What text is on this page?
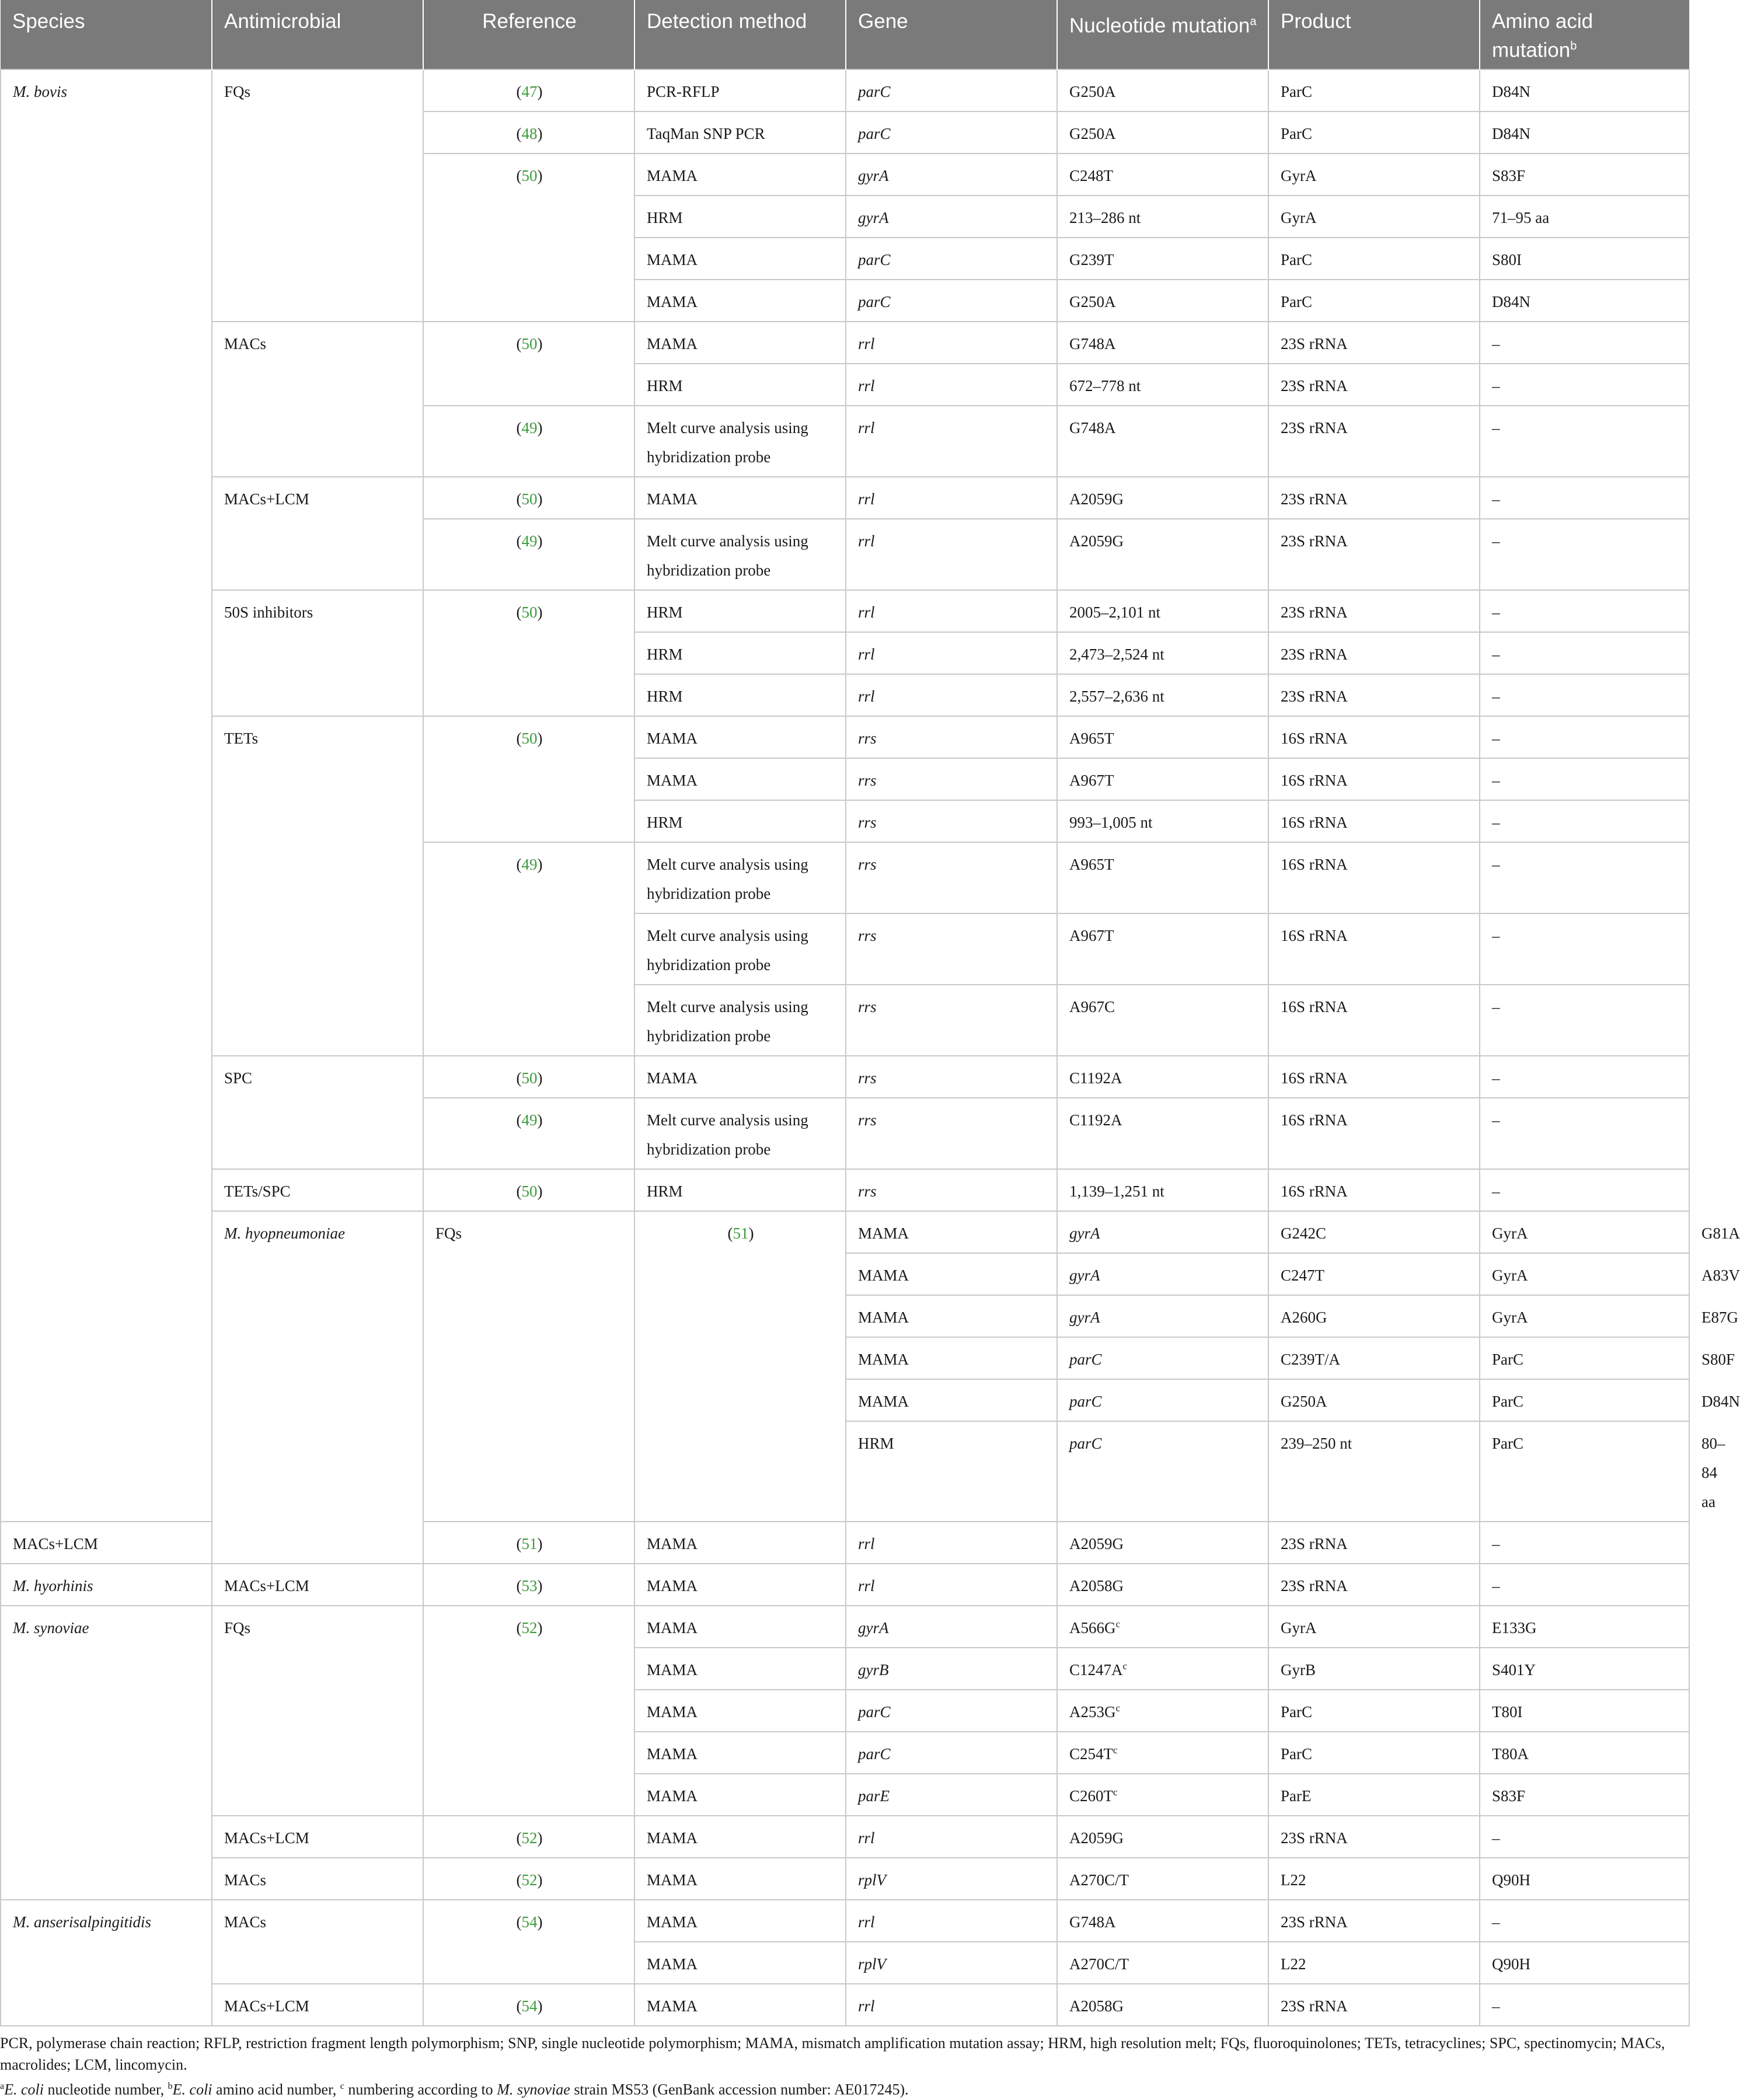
Species	Antimicrobial	Reference	Detection method	Gene	Nucleotide mutation$^a$	Product	Amino acid mutation$^b$
M. bovis	FQs	(47)	PCR-RFLP	parC	G250A	ParC	D84N	
		(48)	TaqMan SNP PCR	parC	G250A	ParC	D84N	
		(50)	MAMA	gyrA	C248T	GyrA	S83F	
			HRM	gyrA	213–286 nt	GyrA	71–95 aa	
			MAMA	parC	G239T	ParC	S80I	
			MAMA	parC	G250A	ParC	D84N	
	MACs	(50)	MAMA	rrl	G748A	23S rRNA	–	
			HRM	rrl	672–778 nt	23S rRNA	–	
		(49)	Melt curve analysis using hybridization probe	rrl	G748A	23S rRNA	–	
	MACs+LCM	(50)	MAMA	rrl	A2059G	23S rRNA	–	
		(49)	Melt curve analysis using hybridization probe	rrl	A2059G	23S rRNA	–	
	50S inhibitors	(50)	HRM	rrl	2005–2,101 nt	23S rRNA	–	
			HRM	rrl	2,473–2,524 nt	23S rRNA	–	
			HRM	rrl	2,557–2,636 nt	23S rRNA	–	
	TETs	(50)	MAMA	rrs	A965T	16S rRNA	–	
			MAMA	rrs	A967T	16S rRNA	–	
			HRM	rrs	993–1,005 nt	16S rRNA	–	
		(49)	Melt curve analysis using hybridization probe	rrs	A965T	16S rRNA	–	
			Melt curve analysis using hybridization probe	rrs	A967T	16S rRNA	–	
			Melt curve analysis using hybridization probe	rrs	A967C	16S rRNA	–	
	SPC	(50)	MAMA	rrs	C1192A	16S rRNA	–	
		(49)	Melt curve analysis using hybridization probe	rrs	C1192A	16S rRNA	–	
	TETs/SPC	(50)	HRM	rrs	1,139–1,251 nt	16S rRNA	–	
	M. hyopneumoniae	FQs	(51)	MAMA	gyrA	G242C	GyrA	G81A
				MAMA	gyrA	C247T	GyrA	A83V
				MAMA	gyrA	A260G	GyrA	E87G
				MAMA	parC	C239T/A	ParC	S80F
				MAMA	parC	G250A	ParC	D84N
				HRM	parC	239–250 nt	ParC	80–84 aa
MACs+LCM		(51)	MAMA	rrl	A2059G	23S rRNA	–	
M. hyorhinis	MACs+LCM	(53)	MAMA	rrl	A2058G	23S rRNA	–	
M. synoviae	FQs	(52)	MAMA	gyrA	$A566G^c$	GyrA	E133G	
			MAMA	gyrB	$C1247A^c$	GyrB	S401Y	
			MAMA	parC	$A253G^c$	ParC	T80I	
			MAMA	parC	$C254T^c$	ParC	T80A	
			MAMA	parE	$C260T^c$	ParE	S83F	
	MACs+LCM	(52)	MAMA	rrl	A2059G	23S rRNA	–	
	MACs	(52)	MAMA	rplV	A270C/T	L22	Q90H	
M. anserisalpingitidis	MACs	(54)	MAMA	rrl	G748A	23S rRNA	–	
			MAMA	rplV	A270C/T	L22	Q90H	
	MACs+LCM	(54)	MAMA	rrl	A2058G	23S rRNA	–	

PCR, polymerase chain reaction; RFLP, restriction fragment length polymorphism; SNP, single nucleotide polymorphism; MAMA, mismatch amplification mutation assay; HRM, high resolution melt; FQs, fluoroquinolones; TETs, tetracyclines; SPC, spectinomycin; MACs, macrolides; LCM, lincomycin.

$^a$E. coli nucleotide number, $^b$E. coli amino acid number, $^c$ numbering according to M. synoviae strain MS53 (GenBank accession number: AE017245).
